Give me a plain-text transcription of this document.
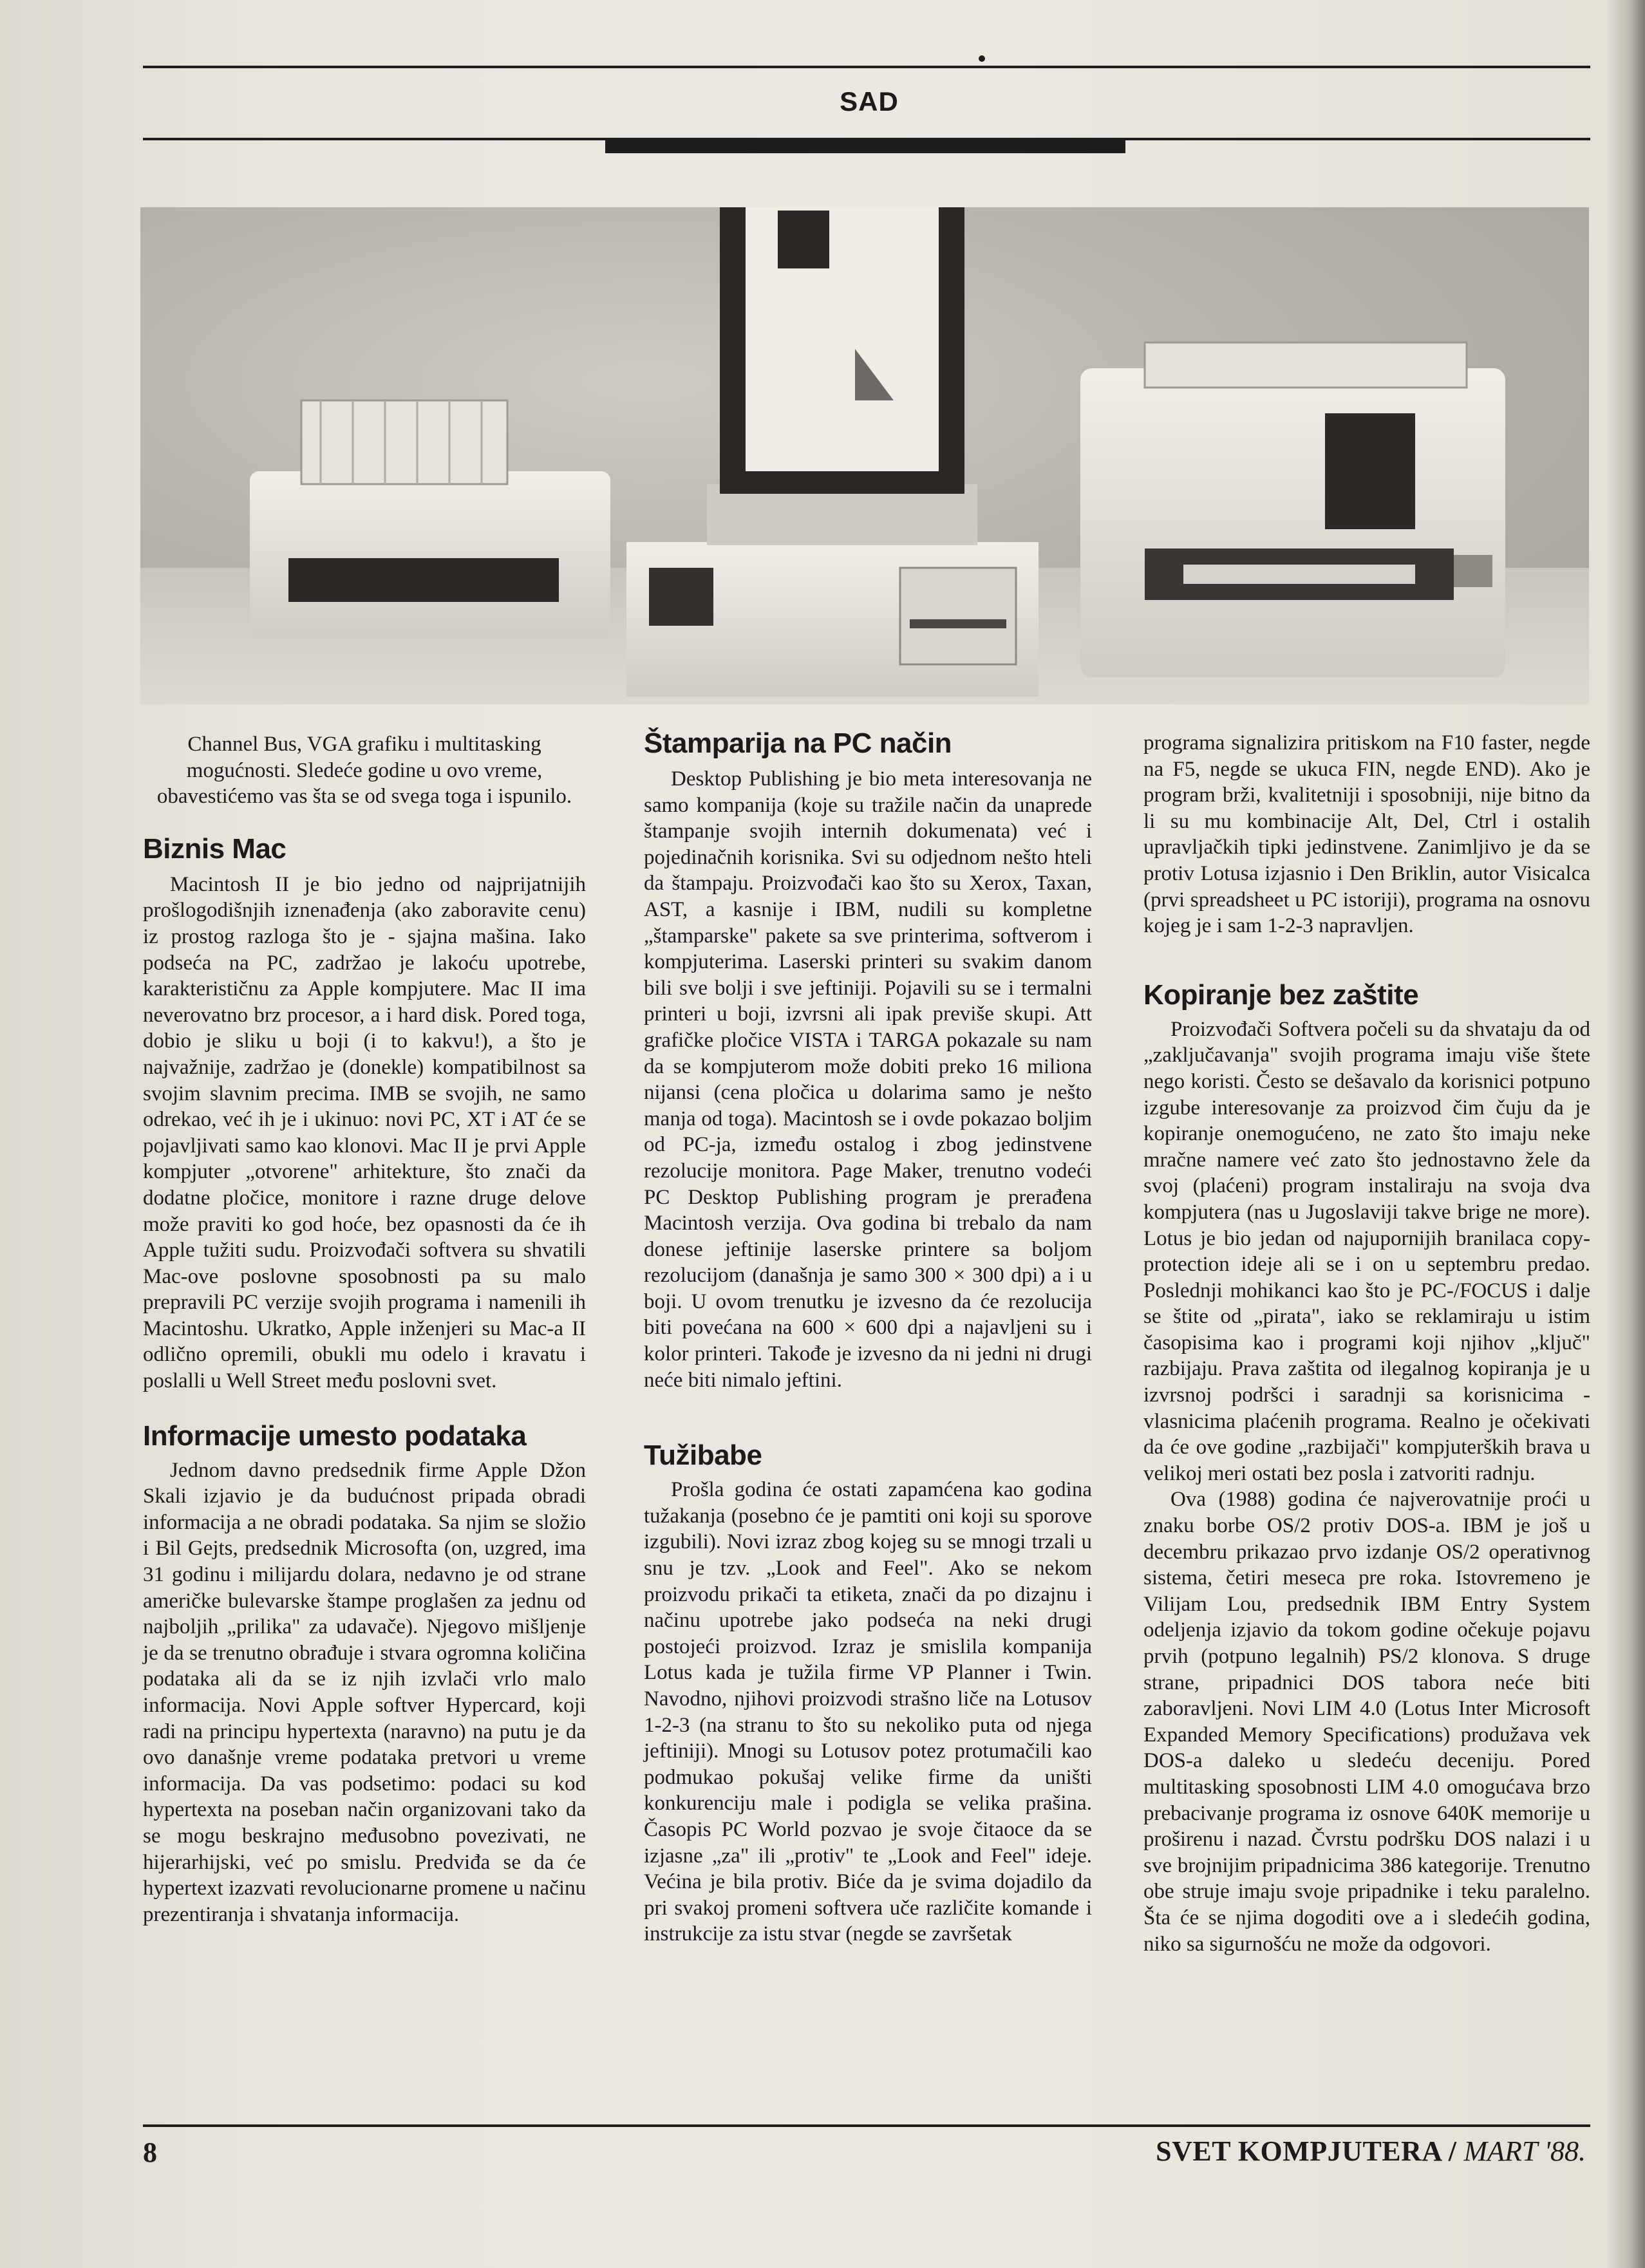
SAD

Channel Bus, VGA grafiku i multitasking mogućnosti. Sledeće godine u ovo vreme, obavestićemo vas šta se od svega toga i ispunilo.

Biznis Mac

Macintosh II je bio jedno od najprijatnijih prošlogodišnjih iznenađenja (ako zaboravite cenu) iz prostog razloga što je - sjajna mašina. Iako podseća na PC, zadržao je lakoću upotrebe, karakterističnu za Apple kompjutere. Mac II ima neverovatno brz procesor, a i hard disk. Pored toga, dobio je sliku u boji (i to kakvu!), a što je najvažnije, zadržao je (donekle) kompatibilnost sa svojim slavnim precima. IMB se svojih, ne samo odrekao, već ih je i ukinuo: novi PC, XT i AT će se pojavljivati samo kao klonovi. Mac II je prvi Apple kompjuter „otvorene" arhitekture, što znači da dodatne pločice, monitore i razne druge delove može praviti ko god hoće, bez opasnosti da će ih Apple tužiti sudu. Proizvođači softvera su shvatili Mac-ove poslovne sposobnosti pa su malo prepravili PC verzije svojih programa i namenili ih Macintoshu. Ukratko, Apple inženjeri su Mac-a II odlično opremili, obukli mu odelo i kravatu i poslalli u Well Street među poslovni svet.

Informacije umesto podataka

Jednom davno predsednik firme Apple Džon Skali izjavio je da budućnost pripada obradi informacija a ne obradi podataka. Sa njim se složio i Bil Gejts, predsednik Microsofta (on, uzgred, ima 31 godinu i milijardu dolara, nedavno je od strane američke bulevarske štampe proglašen za jednu od najboljih „prilika" za udavače). Njegovo mišljenje je da se trenutno obrađuje i stvara ogromna količina podataka ali da se iz njih izvlači vrlo malo informacija. Novi Apple softver Hypercard, koji radi na principu hypertexta (naravno) na putu je da ovo današnje vreme podataka pretvori u vreme informacija. Da vas podsetimo: podaci su kod hypertexta na poseban način organizovani tako da se mogu beskrajno međusobno povezivati, ne hijerarhijski, već po smislu. Predviđa se da će hypertext izazvati revolucionarne promene u načinu prezentiranja i shvatanja informacija.

Štamparija na PC način

Desktop Publishing je bio meta interesovanja ne samo kompanija (koje su tražile način da unaprede štampanje svojih internih dokumenata) već i pojedinačnih korisnika. Svi su odjednom nešto hteli da štampaju. Proizvođači kao što su Xerox, Taxan, AST, a kasnije i IBM, nudili su kompletne „štamparske" pakete sa sve printerima, softverom i kompjuterima. Laserski printeri su svakim danom bili sve bolji i sve jeftiniji. Pojavili su se i termalni printeri u boji, izvrsni ali ipak previše skupi. Att grafičke pločice VISTA i TARGA pokazale su nam da se kompjuterom može dobiti preko 16 miliona nijansi (cena pločica u dolarima samo je nešto manja od toga). Macintosh se i ovde pokazao boljim od PC-ja, između ostalog i zbog jedinstvene rezolucije monitora. Page Maker, trenutno vodeći PC Desktop Publishing program je prerađena Macintosh verzija. Ova godina bi trebalo da nam donese jeftinije laserske printere sa boljom rezolucijom (današnja je samo 300 × 300 dpi) a i u boji. U ovom trenutku je izvesno da će rezolucija biti povećana na 600 × 600 dpi a najavljeni su i kolor printeri. Takođe je izvesno da ni jedni ni drugi neće biti nimalo jeftini.

Tužibabe

Prošla godina će ostati zapamćena kao godina tužakanja (posebno će je pamtiti oni koji su sporove izgubili). Novi izraz zbog kojeg su se mnogi trzali u snu je tzv. „Look and Feel". Ako se nekom proizvodu prikači ta etiketa, znači da po dizajnu i načinu upotrebe jako podseća na neki drugi postojeći proizvod. Izraz je smislila kompanija Lotus kada je tužila firme VP Planner i Twin. Navodno, njihovi proizvodi strašno liče na Lotusov 1-2-3 (na stranu to što su nekoliko puta od njega jeftiniji). Mnogi su Lotusov potez protumačili kao podmukao pokušaj velike firme da uništi konkurenciju male i podigla se velika prašina. Časopis PC World pozvao je svoje čitaoce da se izjasne „za" ili „protiv" te „Look and Feel" ideje. Većina je bila protiv. Biće da je svima dojadilo da pri svakoj promeni softvera uče različite komande i instrukcije za istu stvar (negde se završetak

programa signalizira pritiskom na F10 faster, negde na F5, negde se ukuca FIN, negde END). Ako je program brži, kvalitetniji i sposobniji, nije bitno da li su mu kombinacije Alt, Del, Ctrl i ostalih upravljačkih tipki jedinstvene. Zanimljivo je da se protiv Lotusa izjasnio i Den Briklin, autor Visicalca (prvi spreadsheet u PC istoriji), programa na osnovu kojeg je i sam 1-2-3 napravljen.

Kopiranje bez zaštite

Proizvođači Softvera počeli su da shvataju da od „zaključavanja" svojih programa imaju više štete nego koristi. Često se dešavalo da korisnici potpuno izgube interesovanje za proizvod čim čuju da je kopiranje onemogućeno, ne zato što imaju neke mračne namere već zato što jednostavno žele da svoj (plaćeni) program instaliraju na svoja dva kompjutera (nas u Jugoslaviji takve brige ne more). Lotus je bio jedan od najupornijih branilaca copy-protection ideje ali se i on u septembru predao. Poslednji mohikanci kao što je PC-/FOCUS i dalje se štite od „pirata", iako se reklamiraju u istim časopisima kao i programi koji njihov „ključ" razbijaju. Prava zaštita od ilegalnog kopiranja je u izvrsnoj podršci i saradnji sa korisnicima - vlasnicima plaćenih programa. Realno je očekivati da će ove godine „razbijači" kompjuterških brava u velikoj meri ostati bez posla i zatvoriti radnju.

Ova (1988) godina će najverovatnije proći u znaku borbe OS/2 protiv DOS-a. IBM je još u decembru prikazao prvo izdanje OS/2 operativnog sistema, četiri meseca pre roka. Istovremeno je Vilijam Lou, predsednik IBM Entry System odeljenja izjavio da tokom godine očekuje pojavu prvih (potpuno legalnih) PS/2 klonova. S druge strane, pripadnici DOS tabora neće biti zaboravljeni. Novi LIM 4.0 (Lotus Inter Microsoft Expanded Memory Specifications) produžava vek DOS-a daleko u sledeću deceniju. Pored multitasking sposobnosti LIM 4.0 omogućava brzo prebacivanje programa iz osnove 640K memorije u proširenu i nazad. Čvrstu podršku DOS nalazi i u sve brojnijim pripadnicima 386 kategorije. Trenutno obe struje imaju svoje pripadnike i teku paralelno. Šta će se njima dogoditi ove a i sledećih godina, niko sa sigurnošću ne može da odgovori.

8	SVET KOMPJUTERA / MART '88.
